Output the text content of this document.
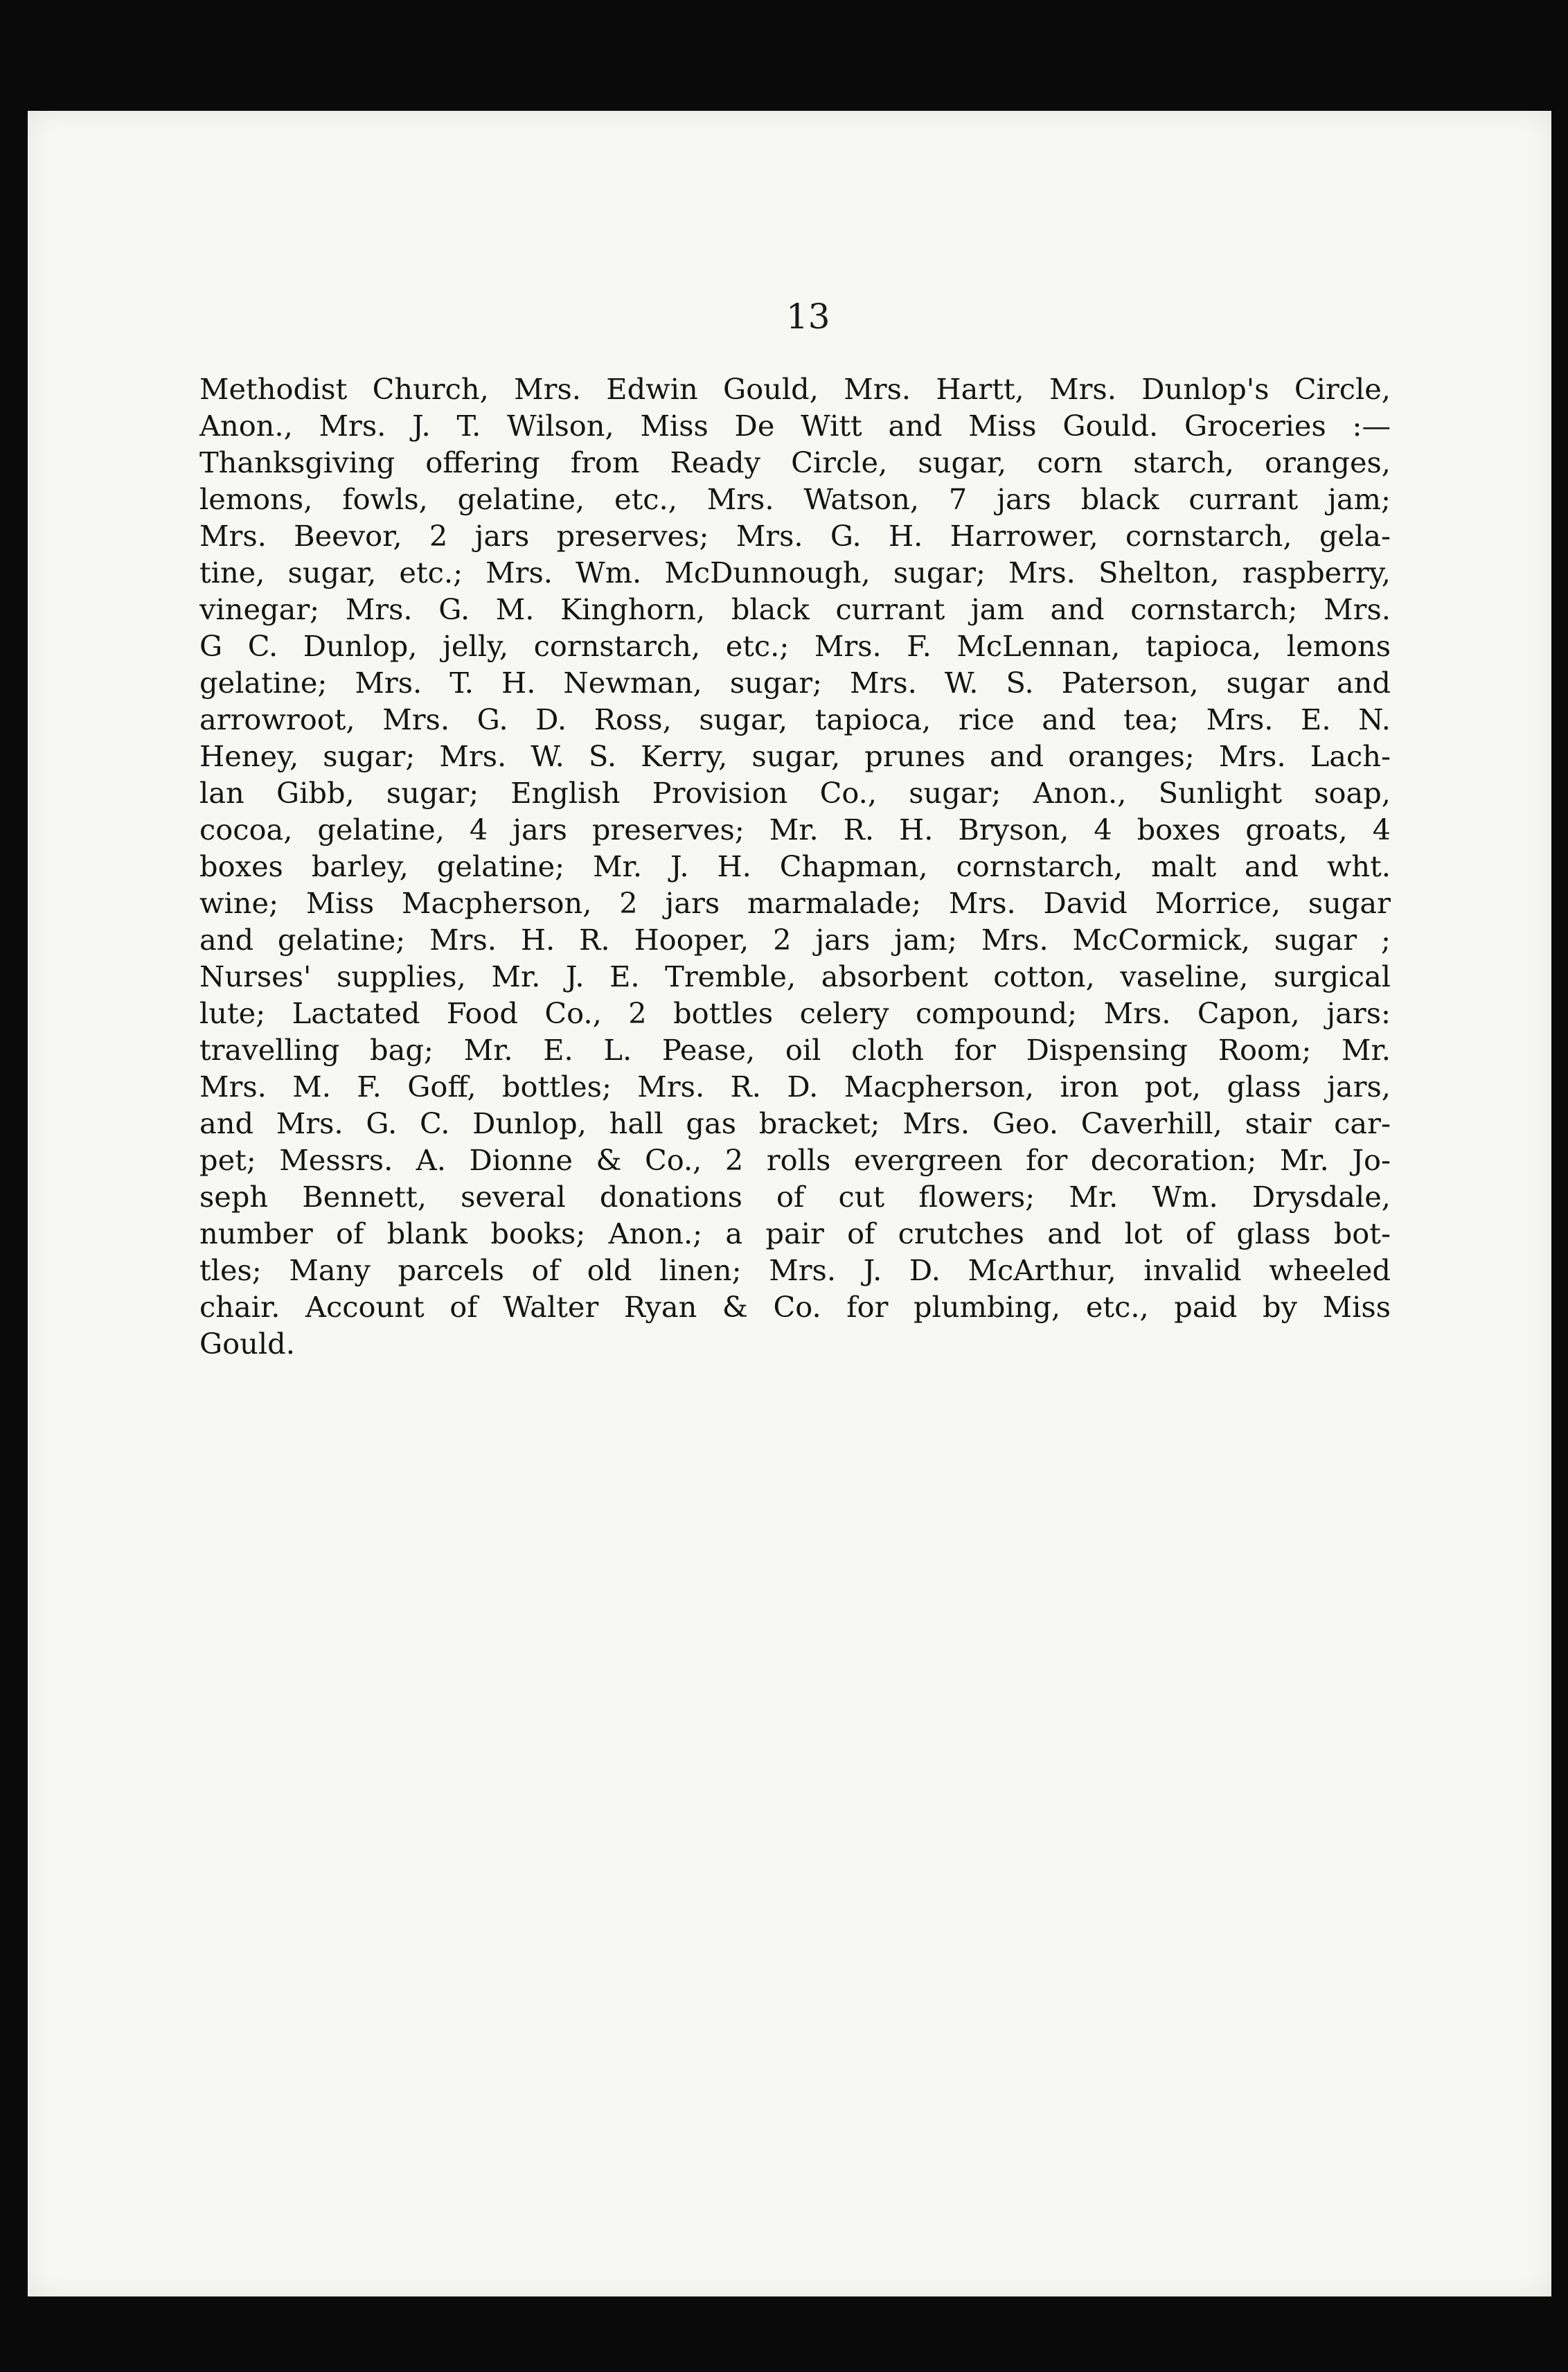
13
Methodist Church, Mrs. Edwin Gould, Mrs. Hartt, Mrs. Dunlop's Circle,
Anon., Mrs. J. T. Wilson, Miss De Witt and Miss Gould. Groceries :—
Thanksgiving offering from Ready Circle, sugar, corn starch, oranges,
lemons, fowls, gelatine, etc., Mrs. Watson, 7 jars black currant jam;
Mrs. Beevor, 2 jars preserves; Mrs. G. H. Harrower, cornstarch, gela-
tine, sugar, etc.; Mrs. Wm. McDunnough, sugar; Mrs. Shelton, raspberry,
vinegar; Mrs. G. M. Kinghorn, black currant jam and cornstarch; Mrs.
G C. Dunlop, jelly, cornstarch, etc.; Mrs. F. McLennan, tapioca, lemons
gelatine; Mrs. T. H. Newman, sugar; Mrs. W. S. Paterson, sugar and
arrowroot, Mrs. G. D. Ross, sugar, tapioca, rice and tea; Mrs. E. N.
Heney, sugar; Mrs. W. S. Kerry, sugar, prunes and oranges; Mrs. Lach-
lan Gibb, sugar; English Provision Co., sugar; Anon., Sunlight soap,
cocoa, gelatine, 4 jars preserves; Mr. R. H. Bryson, 4 boxes groats, 4
boxes barley, gelatine; Mr. J. H. Chapman, cornstarch, malt and wht.
wine; Miss Macpherson, 2 jars marmalade; Mrs. David Morrice, sugar
and gelatine; Mrs. H. R. Hooper, 2 jars jam; Mrs. McCormick, sugar ;
Nurses' supplies, Mr. J. E. Tremble, absorbent cotton, vaseline, surgical
lute; Lactated Food Co., 2 bottles celery compound; Mrs. Capon, jars:
travelling bag; Mr. E. L. Pease, oil cloth for Dispensing Room; Mr.
Mrs. M. F. Goff, bottles; Mrs. R. D. Macpherson, iron pot, glass jars,
and Mrs. G. C. Dunlop, hall gas bracket; Mrs. Geo. Caverhill, stair car-
pet; Messrs. A. Dionne & Co., 2 rolls evergreen for decoration; Mr. Jo-
seph Bennett, several donations of cut flowers; Mr. Wm. Drysdale,
number of blank books; Anon.; a pair of crutches and lot of glass bot-
tles; Many parcels of old linen; Mrs. J. D. McArthur, invalid wheeled
chair. Account of Walter Ryan & Co. for plumbing, etc., paid by Miss
Gould.
